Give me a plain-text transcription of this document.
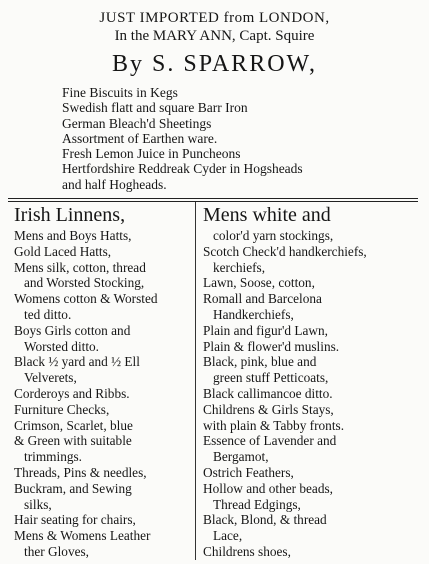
JUST IMPORTED from LONDON,
In the MARY ANN, Capt. Squire
By S. SPARROW,
Fine Biscuits in Kegs
Swedish flatt and square Barr Iron
German Bleach'd Sheetings
Assortment of Earthen ware.
Fresh Lemon Juice in Puncheons
Hertfordshire Reddreak Cyder in Hogsheads
and half Hogheads.
Irish Linnens,
Mens and Boys Hatts,
Gold Laced Hatts,
Mens silk, cotton, thread
and Worsted Stocking,
Womens cotton & Worsted
ted ditto.
Boys Girls cotton and
Worsted ditto.
Black ½ yard and ½ Ell
Velverets,
Corderoys and Ribbs.
Furniture Checks,
Crimson, Scarlet, blue
& Green with suitable
trimmings.
Threads, Pins & needles,
Buckram, and Sewing
silks,
Hair seating for chairs,
Mens & Womens Leather
ther Gloves,
Mens white and
color'd yarn stockings,
Scotch Check'd handkerchiefs,
kerchiefs,
Lawn, Soose, cotton,
Romall and Barcelona
Handkerchiefs,
Plain and figur'd Lawn,
Plain & flower'd muslins.
Black, pink, blue and
green stuff Petticoats,
Black callimancoe ditto.
Childrens & Girls Stays,
with plain & Tabby fronts.
Essence of Lavender and
Bergamot,
Ostrich Feathers,
Hollow and other beads,
Thread Edgings,
Black, Blond, & thread
Lace,
Childrens shoes,
